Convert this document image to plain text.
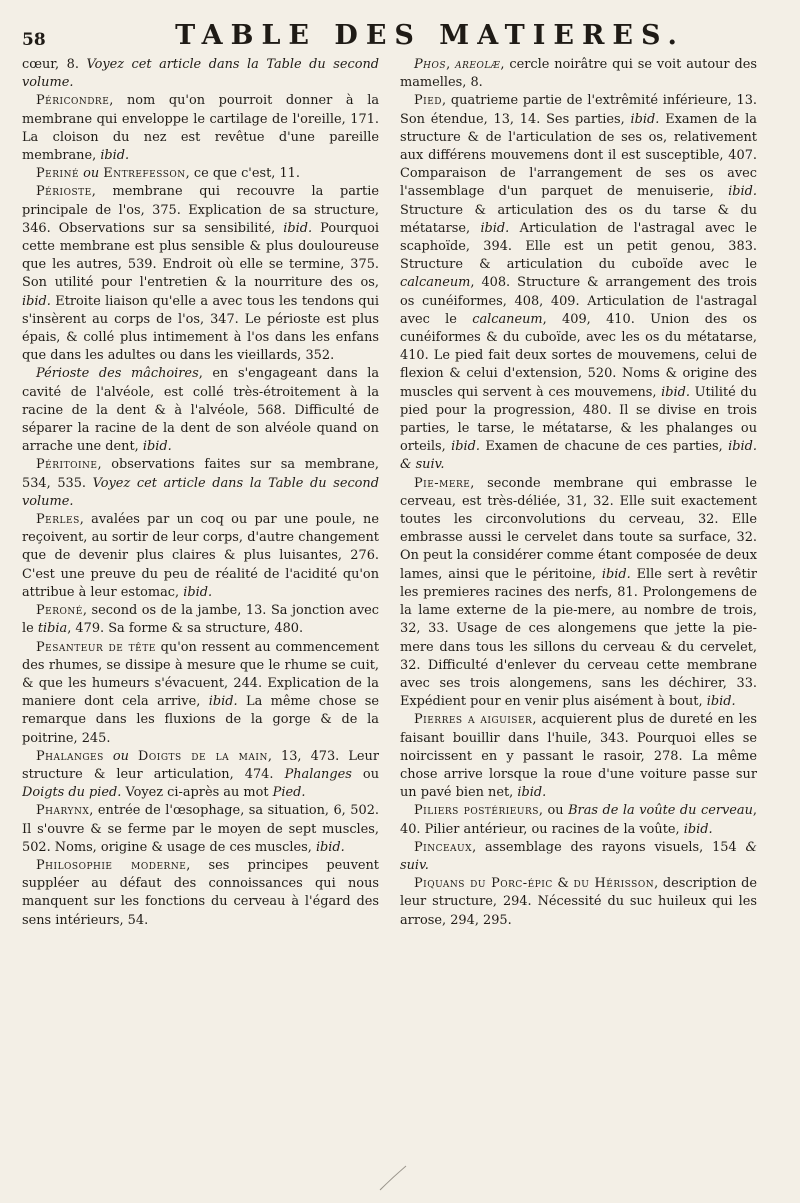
58	TABLE DES MATIERES.

cœur, 8. Voyez cet article dans la Table du second volume.

Péricondre, nom qu'on pourroit donner à la membrane qui enveloppe le cartilage de l'oreille, 171. La cloison du nez est revêtue d'une pareille membrane, ibid.

Periné ou Entrefesson, ce que c'est, 11.

Périoste, membrane qui recouvre la partie principale de l'os, 375. Explication de sa structure, 346. Observations sur sa sensibilité, ibid. Pourquoi cette membrane est plus sensible & plus douloureuse que les autres, 539. Endroit où elle se termine, 375. Son utilité pour l'entretien & la nourriture des os, ibid. Etroite liaison qu'elle a avec tous les tendons qui s'insèrent au corps de l'os, 347. Le périoste est plus épais, & collé plus intimement à l'os dans les enfans que dans les adultes ou dans les vieillards, 352.

Périoste des mâchoires, en s'engageant dans la cavité de l'alvéole, est collé très-étroitement à la racine de la dent & à l'alvéole, 568. Difficulté de séparer la racine de la dent de son alvéole quand on arrache une dent, ibid.

Péritoine, observations faites sur sa membrane, 534, 535. Voyez cet article dans la Table du second volume.

Perles, avalées par un coq ou par une poule, ne reçoivent, au sortir de leur corps, d'autre changement que de devenir plus claires & plus luisantes, 276. C'est une preuve du peu de réalité de l'acidité qu'on attribue à leur estomac, ibid.

Peroné, second os de la jambe, 13. Sa jonction avec le tibia, 479. Sa forme & sa structure, 480.

Pesanteur de tête qu'on ressent au commencement des rhumes, se dissipe à mesure que le rhume se cuit, & que les humeurs s'évacuent, 244. Explication de la maniere dont cela arrive, ibid. La même chose se remarque dans les fluxions de la gorge & de la poitrine, 245.

Phalanges ou Doigts de la main, 13, 473. Leur structure & leur articulation, 474. Phalanges ou Doigts du pied. Voyez ci-après au mot Pied.

Pharynx, entrée de l'œsophage, sa situation, 6, 502. Il s'ouvre & se ferme par le moyen de sept muscles, 502. Noms, origine & usage de ces muscles, ibid.

Philosophie moderne, ses principes peuvent suppléer au défaut des connoissances qui nous manquent sur les fonctions du cerveau à l'égard des sens intérieurs, 54.

Phos, areolæ, cercle noirâtre qui se voit autour des mamelles, 8.

Pied, quatrieme partie de l'extrêmité inférieure, 13. Son étendue, 13, 14. Ses parties, ibid. Examen de la structure & de l'articulation de ses os, relativement aux différens mouvemens dont il est susceptible, 407. Comparaison de l'arrangement de ses os avec l'assemblage d'un parquet de menuiserie, ibid. Structure & articulation des os du tarse & du métatarse, ibid. Articulation de l'astragal avec le scaphoïde, 394. Elle est un petit genou, 383. Structure & articulation du cuboïde avec le calcaneum, 408. Structure & arrangement des trois os cunéiformes, 408, 409. Articulation de l'astragal avec le calcaneum, 409, 410. Union des os cunéiformes & du cuboïde, avec les os du métatarse, 410. Le pied fait deux sortes de mouvemens, celui de flexion & celui d'extension, 520. Noms & origine des muscles qui servent à ces mouvemens, ibid. Utilité du pied pour la progression, 480. Il se divise en trois parties, le tarse, le métatarse, & les phalanges ou orteils, ibid. Examen de chacune de ces parties, ibid. & suiv.

Pie-mere, seconde membrane qui embrasse le cerveau, est très-déliée, 31, 32. Elle suit exactement toutes les circonvolutions du cerveau, 32. Elle embrasse aussi le cervelet dans toute sa surface, 32. On peut la considérer comme étant composée de deux lames, ainsi que le péritoine, ibid. Elle sert à revêtir les premieres racines des nerfs, 81. Prolongemens de la lame externe de la pie-mere, au nombre de trois, 32, 33. Usage de ces alongemens que jette la pie-mere dans tous les sillons du cerveau & du cervelet, 32. Difficulté d'enlever du cerveau cette membrane avec ses trois alongemens, sans les déchirer, 33. Expédient pour en venir plus aisément à bout, ibid.

Pierres a aiguiser, acquierent plus de dureté en les faisant bouillir dans l'huile, 343. Pourquoi elles se noircissent en y passant le rasoir, 278. La même chose arrive lorsque la roue d'une voiture passe sur un pavé bien net, ibid.

Piliers postérieurs, ou Bras de la voûte du cerveau, 40. Pilier antérieur, ou racines de la voûte, ibid.

Pinceaux, assemblage des rayons visuels, 154 & suiv.

Piquans du Porc-épic & du Hérisson, description de leur structure, 294. Nécessité du suc huileux qui les arrose, 294, 295.
